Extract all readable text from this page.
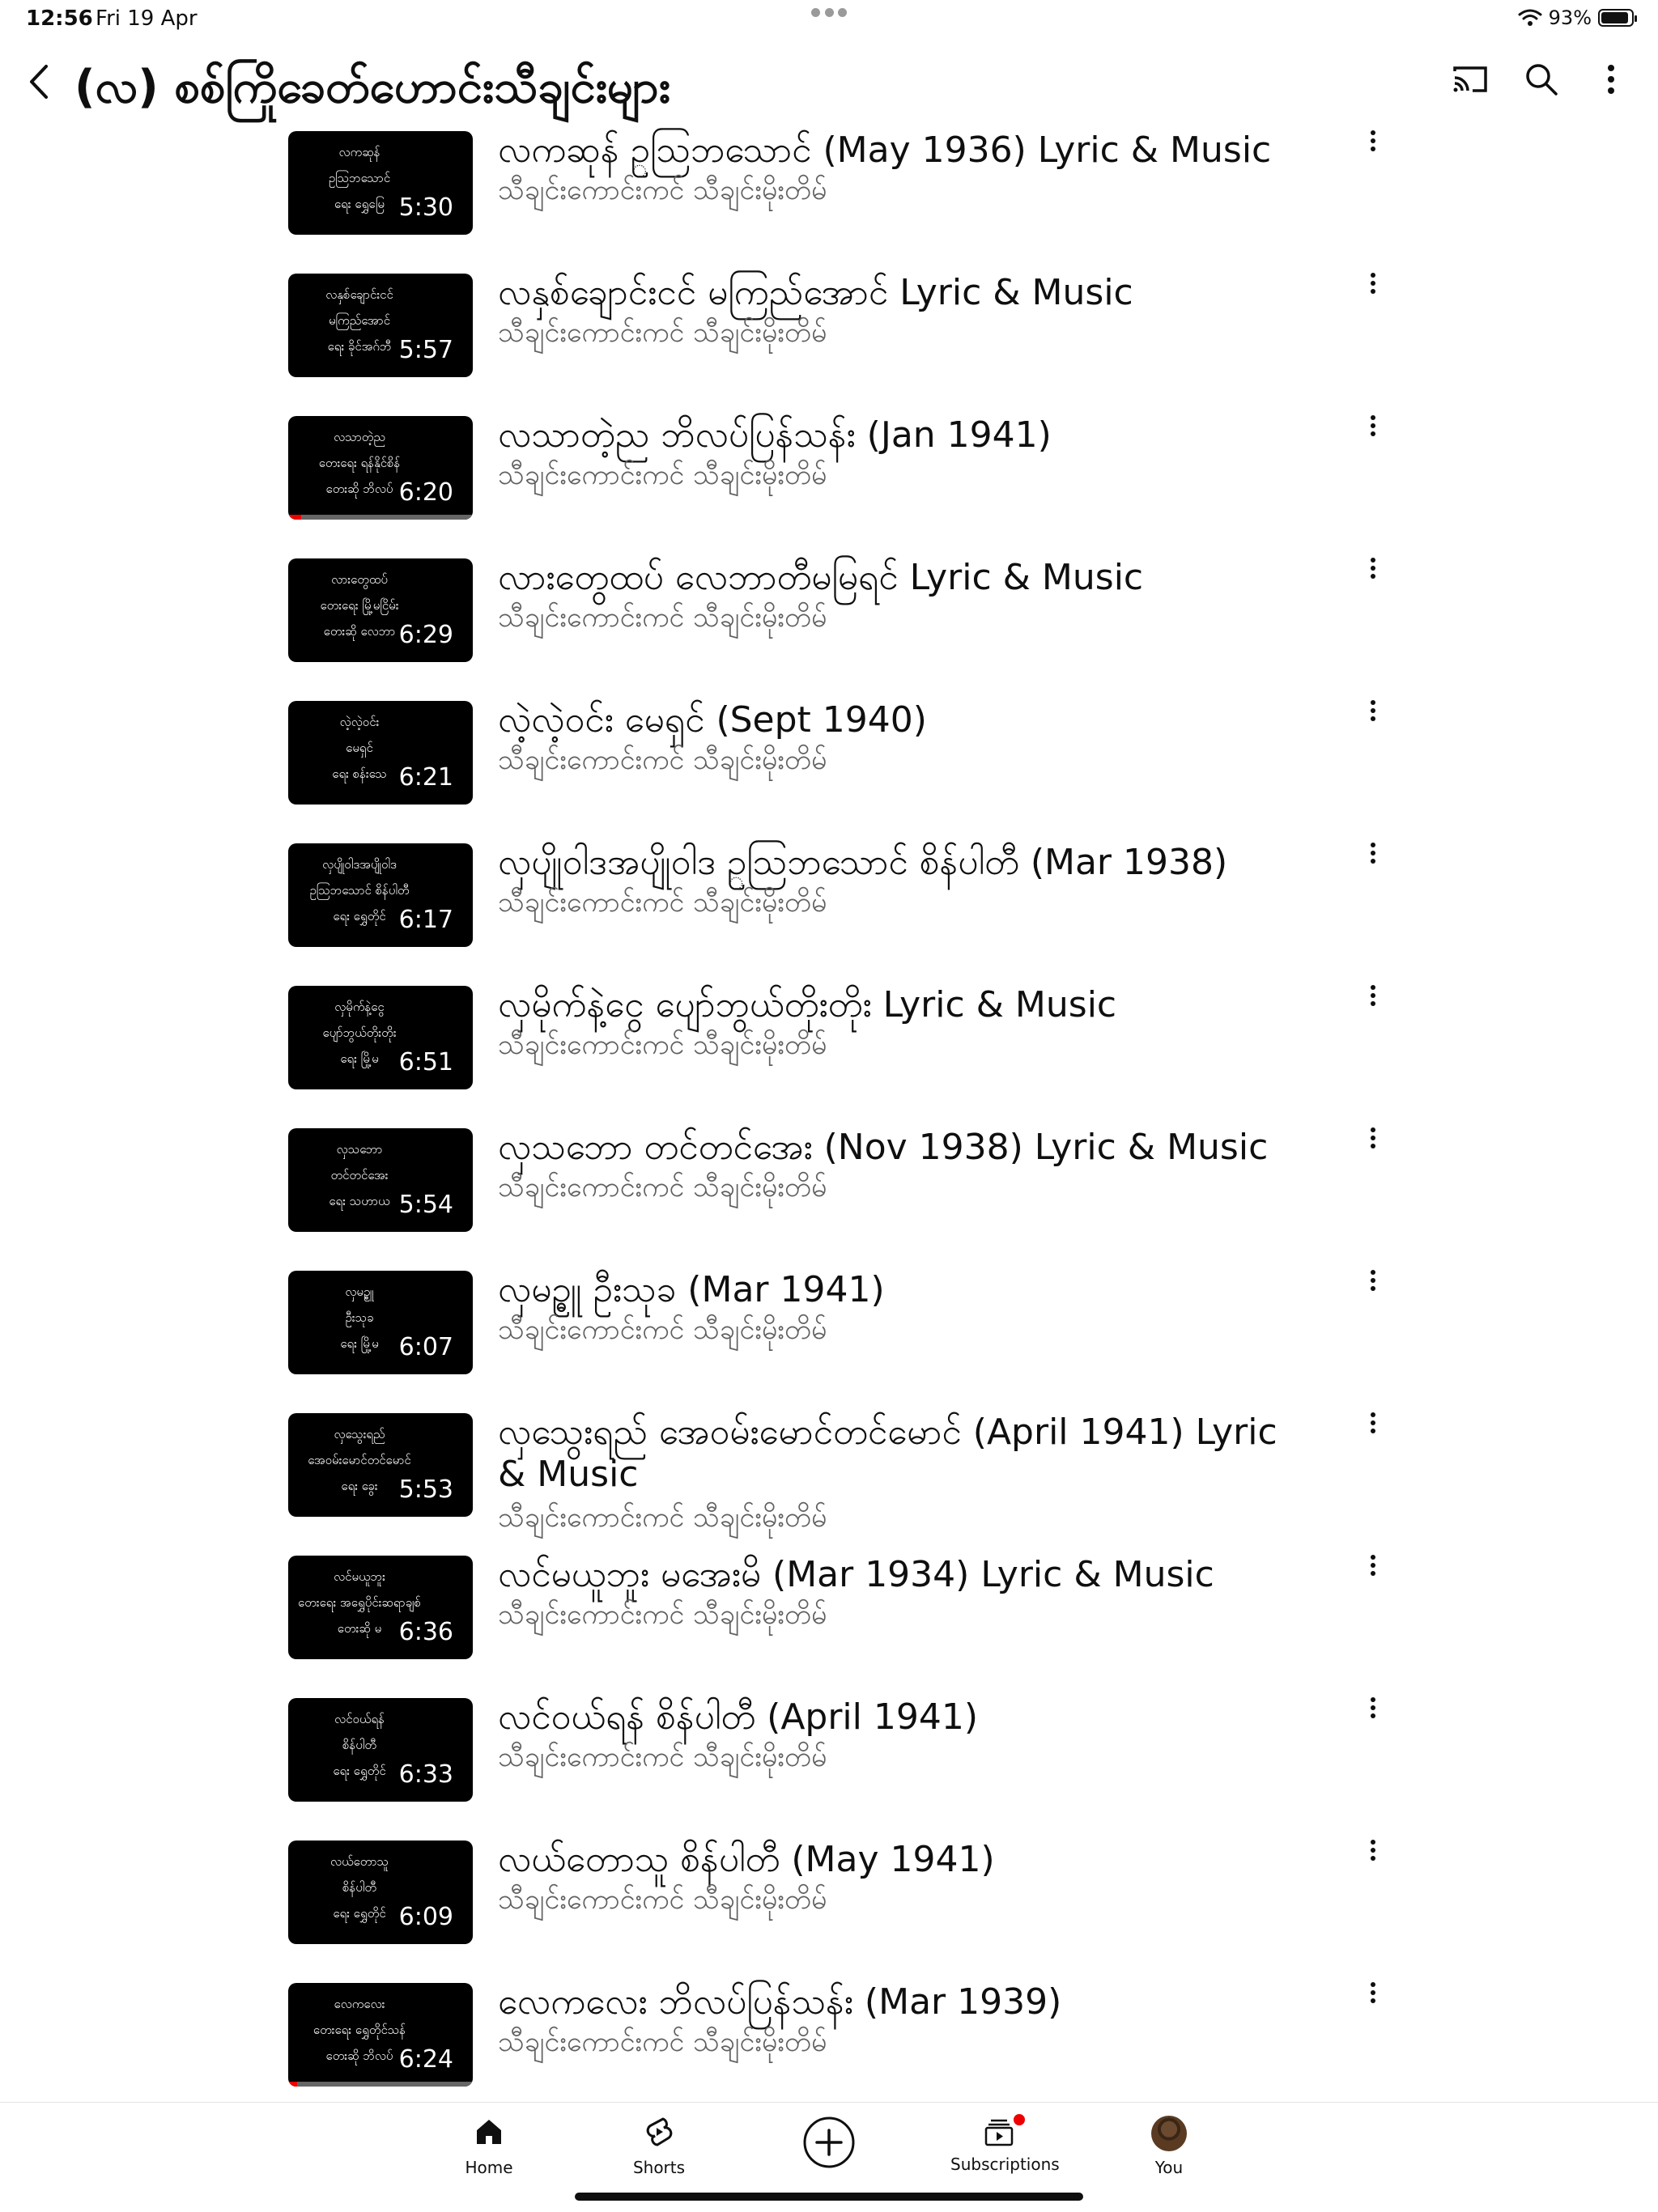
12:56 Fri 19 Apr	93%
(လ) စစ်ကြိုခေတ်ဟောင်းသီချင်းများ
လကဆုန်
ဥဩဘသောင်
ရေး ရွှေမြေ 5:30
လကဆုန် ဥ္ဩဘသောင် (May 1936) Lyric & Music
သီချင်းကောင်းကင် သီချင်းမိုးတိမ်
လနှစ်ချောင်းငင်
မကြည်အောင်
ရေး ခိုင်အဂ်ဘီ 5:57
လနှစ်ချောင်းငင် မကြည်အောင် Lyric & Music
သီချင်းကောင်းကင် သီချင်းမိုးတိမ်
လသာတဲ့ည
တေးရေး ရန်နိုင်စိန်
တေးဆို ဘိလပ် 6:20
လသာတဲ့ည ဘိလပ်ပြန်သန်း (Jan 1941)
သီချင်းကောင်းကင် သီချင်းမိုးတိမ်
လားတွေထပ်
တေးရေး မြို့မငြိမ်း
တေးဆို လေဘာ 6:29
လားတွေထပ် လေဘာတီမမြရင် Lyric & Music
သီချင်းကောင်းကင် သီချင်းမိုးတိမ်
လဲ့လဲ့ဝင်း
မေရှင်
ရေး စန်းသေ 6:21
လဲ့လဲ့ဝင်း မေရှင် (Sept 1940)
သီချင်းကောင်းကင် သီချင်းမိုးတိမ်
လှပျိုဝါဒအပျိုဝါဒ
ဥဩဘသောင် စိန်ပါတီ
ရေး ရွှေတိုင် 6:17
လှပျိုဝါဒအပျိုဝါဒ ဥ္ဩဘသောင် စိန်ပါတီ (Mar 1938)
သီချင်းကောင်းကင် သီချင်းမိုးတိမ်
လှမိုက်နဲ့ငွေ
ပျော်ဘွယ်တိုးတိုး
ရေး မြို့မ 6:51
လှမိုက်နဲ့ငွေ ပျော်ဘွယ်တိုးတိုး Lyric & Music
သီချင်းကောင်းကင် သီချင်းမိုးတိမ်
လှသဘော
တင်တင်အေး
ရေး သဟာယ 5:54
လှသဘော တင်တင်အေး (Nov 1938) Lyric & Music
သီချင်းကောင်းကင် သီချင်းမိုးတိမ်
လှမဥ္ဓူ
ဦးသုခ
ရေး မြို့မ 6:07
လှမဥ္ဓူ ဦးသုခ (Mar 1941)
သီချင်းကောင်းကင် သီချင်းမိုးတိမ်
လှသွေးရည်
အေဝမ်းမောင်တင်မောင်
ရေး ခွေး 5:53
လှသွေးရည် အေဝမ်းမောင်တင်မောင် (April 1941) Lyric & Music
သီချင်းကောင်းကင် သီချင်းမိုးတိမ်
လင်မယူဘူး
တေးရေး အရွှေပိုင်းဆရာချစ်
တေးဆို မ 6:36
လင်မယူဘူး မအေးမိ (Mar 1934) Lyric & Music
သီချင်းကောင်းကင် သီချင်းမိုးတိမ်
လင်ဝယ်ရန်
စိန်ပါတီ
ရေး ရွှေတိုင် 6:33
လင်ဝယ်ရန် စိန်ပါတီ (April 1941)
သီချင်းကောင်းကင် သီချင်းမိုးတိမ်
လယ်တောသူ
စိန်ပါတီ
ရေး ရွှေတိုင် 6:09
လယ်တောသူ စိန်ပါတီ (May 1941)
သီချင်းကောင်းကင် သီချင်းမိုးတိမ်
လေကလေး
တေးရေး ရွှေတိုင်သန်
တေးဆို ဘိလပ် 6:24
လေကလေး ဘိလပ်ပြန်သန်း (Mar 1939)
သီချင်းကောင်းကင် သီချင်းမိုးတိမ်
Home	Shorts	Subscriptions	You
